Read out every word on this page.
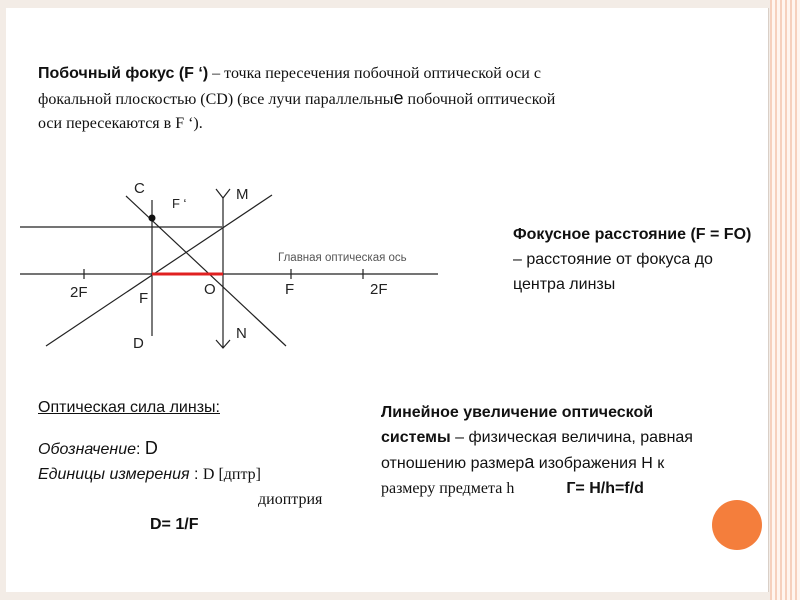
Побочный фокус (F ‘) – точка пересечения побочной оптической оси с
фокальной плоскостью (CD) (все лучи параллельные побочной оптической
оси пересекаются в F ‘).
C	M
F ‘
Главная оптическая ось
2F	F
O	F	2F
D
N
Фокусное расстояние (F = FO) – расстояние от фокуса до центра линзы
Оптическая сила линзы:
Обозначение: D
Единицы измерения : D [дптр]
диоптрия
D= 1/F
Линейное увеличение оптической
системы – физическая величина, равная
отношению размера изображения Н к
размеру предмета h	Г= Н/h=f/d
